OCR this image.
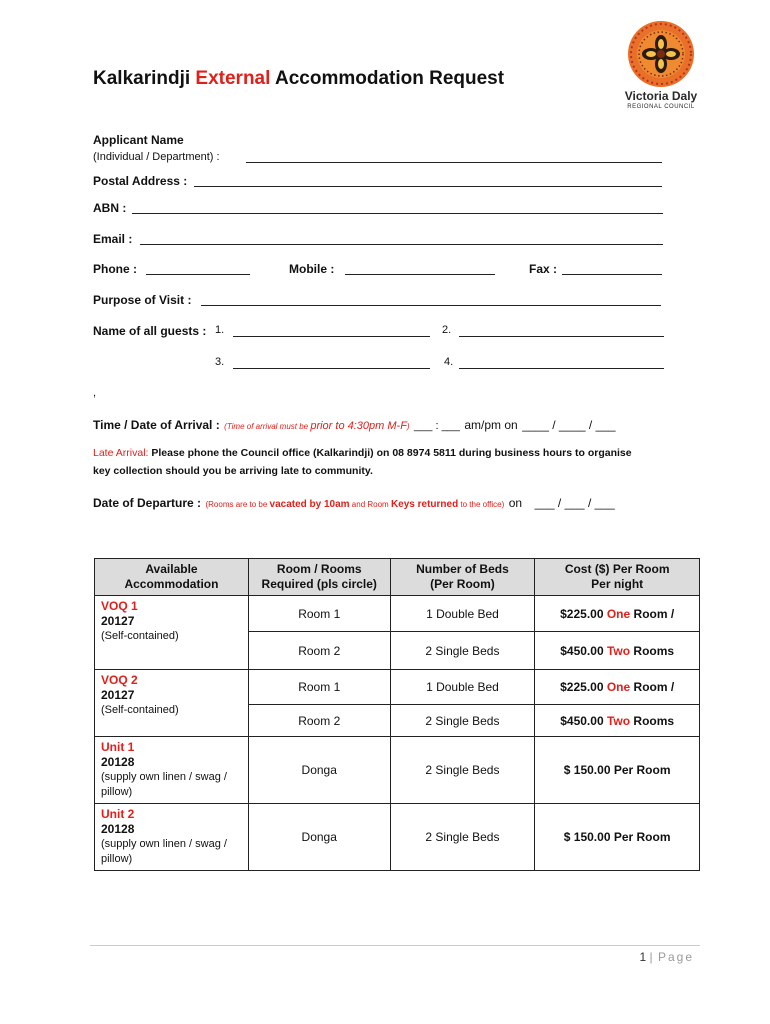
Kalkarindji External Accommodation Request
Victoria Daly
REGIONAL COUNCIL
Applicant Name
(Individual / Department) :
Postal Address :
ABN :
Email :
Phone :	Mobile :	Fax :
Purpose of Visit :
Name of all guests : 1.	2.
3.	4.
,
Time / Date of Arrival : (Time of arrival must be prior to 4:30pm M-F) ___ : ___ am/pm on ____ / ____ / ___
Late Arrival: Please phone the Council office (Kalkarindji) on 08 8974 5811 during business hours to organise
key collection should you be arriving late to community.
Date of Departure : (Rooms are to be vacated by 10am and Room Keys returned to the office) on ___ / ___ / ___
Available Accommodation	Room / Rooms Required (pls circle)	Number of Beds (Per Room)	Cost ($) Per Room Per night

VOQ 1
20127
(Self-contained)	Room 1	1 Double Bed	$225.00 One Room /
	Room 2	2 Single Beds	$450.00 Two Rooms

VOQ 2
20127
(Self-contained)	Room 1	1 Double Bed	$225.00 One Room /
	Room 2	2 Single Beds	$450.00 Two Rooms

Unit 1
20128
(supply own linen / swag / pillow)	Donga	2 Single Beds	$ 150.00 Per Room

Unit 2
20128
(supply own linen / swag / pillow)	Donga	2 Single Beds	$ 150.00 Per Room
1 | Page
